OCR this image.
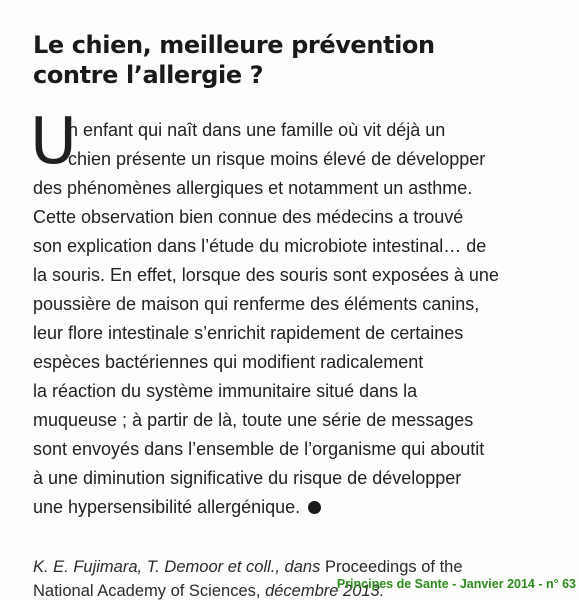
Le chien, meilleure prévention
contre l’allergie ?
U
n enfant qui naît dans une famille où vit déjà un
chien présente un risque moins élevé de développer
des phénomènes allergiques et notamment un asthme.
Cette observation bien connue des médecins a trouvé
son explication dans l’étude du microbiote intestinal… de
la souris. En effet, lorsque des souris sont exposées à une
poussière de maison qui renferme des éléments canins,
leur flore intestinale s’enrichit rapidement de certaines
espèces bactériennes qui modifient radicalement
la réaction du système immunitaire situé dans la
muqueuse ; à partir de là, toute une série de messages
sont envoyés dans l’ensemble de l’organisme qui aboutit
à une diminution significative du risque de développer
une hypersensibilité allergénique.
K. E. Fujimara, T. Demoor et coll., dans Proceedings of the
National Academy of Sciences, décembre 2013.
Principes de Sante - Janvier 2014 - n° 63
